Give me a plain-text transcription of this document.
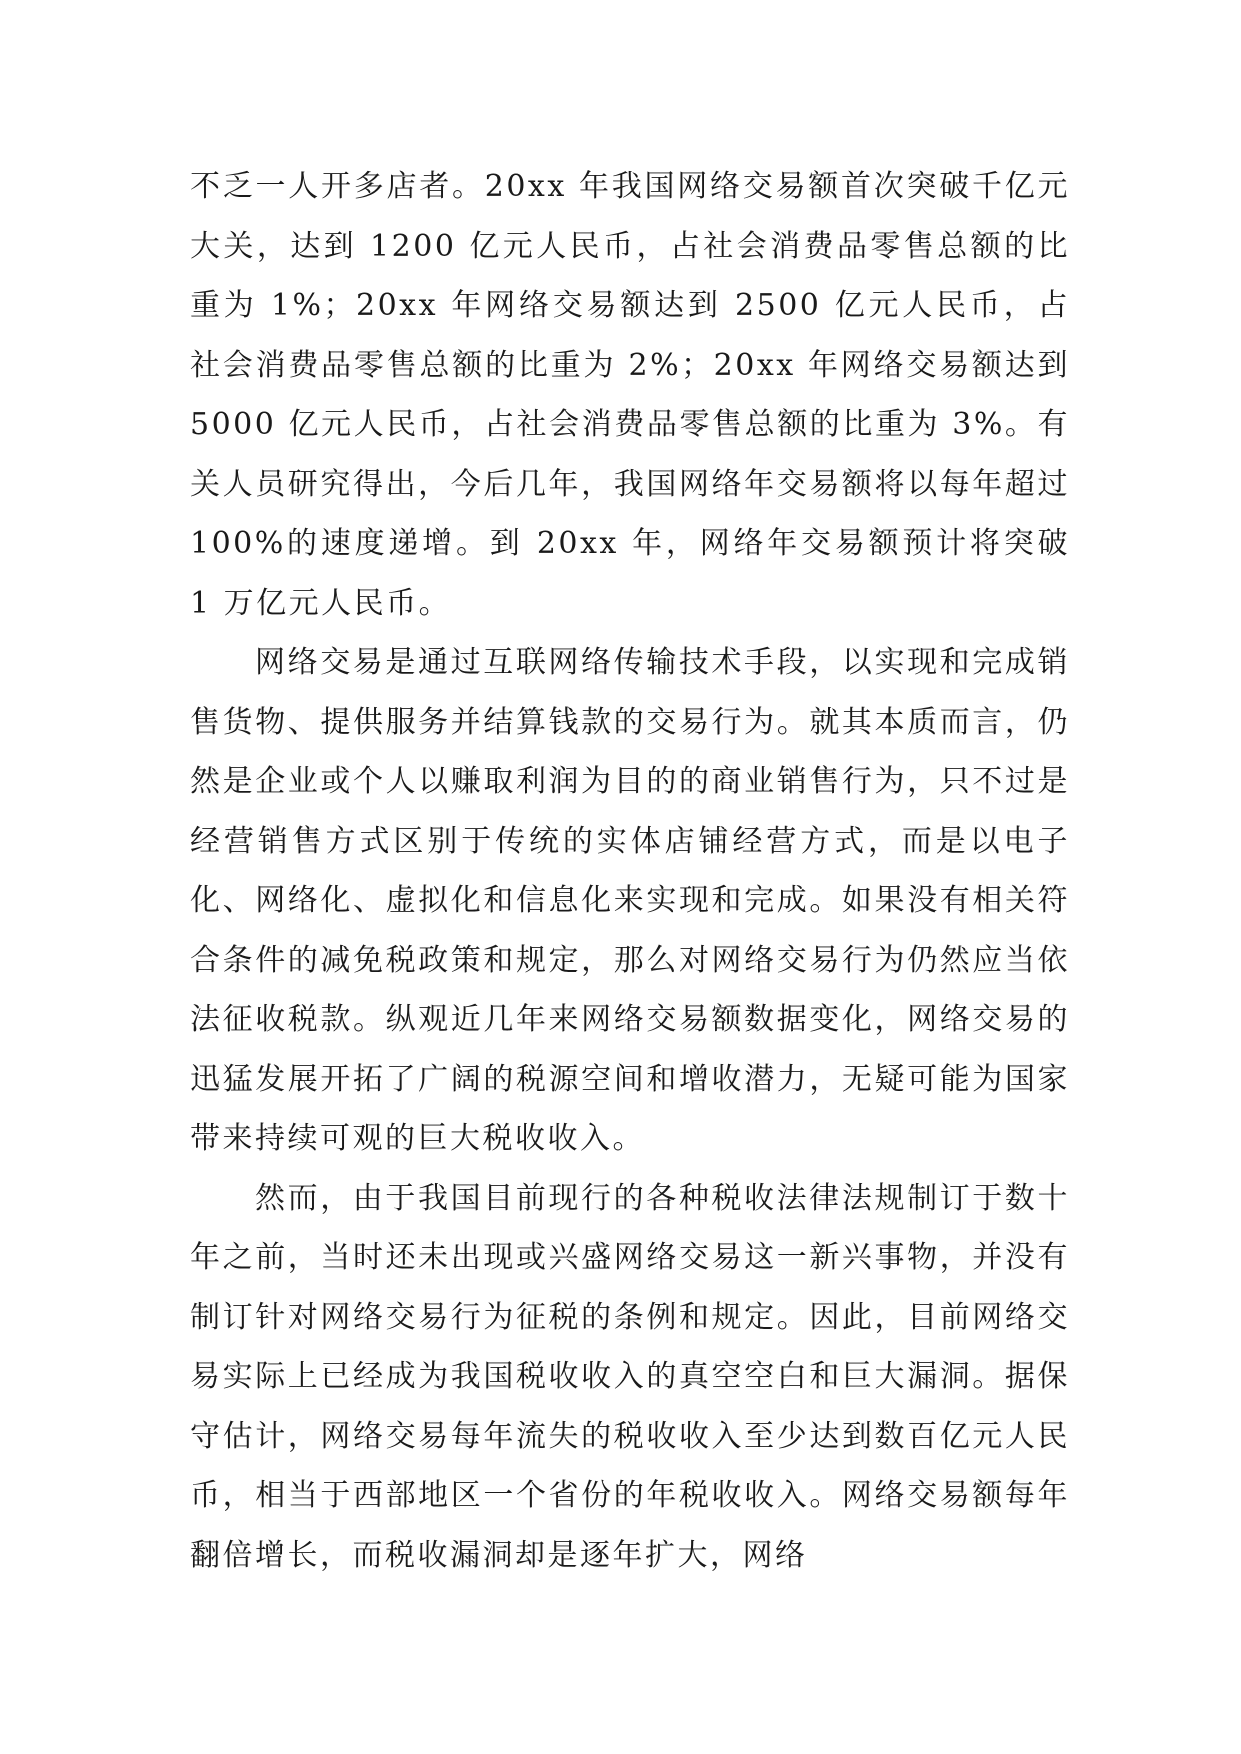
不乏一人开多店者。20xx 年我国网络交易额首次突破千亿元大关，达到 1200 亿元人民币，占社会消费品零售总额的比重为 1%；20xx 年网络交易额达到 2500 亿元人民币，占社会消费品零售总额的比重为 2%；20xx 年网络交易额达到 5000 亿元人民币，占社会消费品零售总额的比重为 3%。有关人员研究得出，今后几年，我国网络年交易额将以每年超过 100%的速度递增。到 20xx 年，网络年交易额预计将突破 1 万亿元人民币。

网络交易是通过互联网络传输技术手段，以实现和完成销售货物、提供服务并结算钱款的交易行为。就其本质而言，仍然是企业或个人以赚取利润为目的的商业销售行为，只不过是经营销售方式区别于传统的实体店铺经营方式，而是以电子化、网络化、虚拟化和信息化来实现和完成。如果没有相关符合条件的减免税政策和规定，那么对网络交易行为仍然应当依法征收税款。纵观近几年来网络交易额数据变化，网络交易的迅猛发展开拓了广阔的税源空间和增收潜力，无疑可能为国家带来持续可观的巨大税收收入。

然而，由于我国目前现行的各种税收法律法规制订于数十年之前，当时还未出现或兴盛网络交易这一新兴事物，并没有制订针对网络交易行为征税的条例和规定。因此，目前网络交易实际上已经成为我国税收收入的真空空白和巨大漏洞。据保守估计，网络交易每年流失的税收收入至少达到数百亿元人民币，相当于西部地区一个省份的年税收收入。网络交易额每年翻倍增长，而税收漏洞却是逐年扩大，网络
